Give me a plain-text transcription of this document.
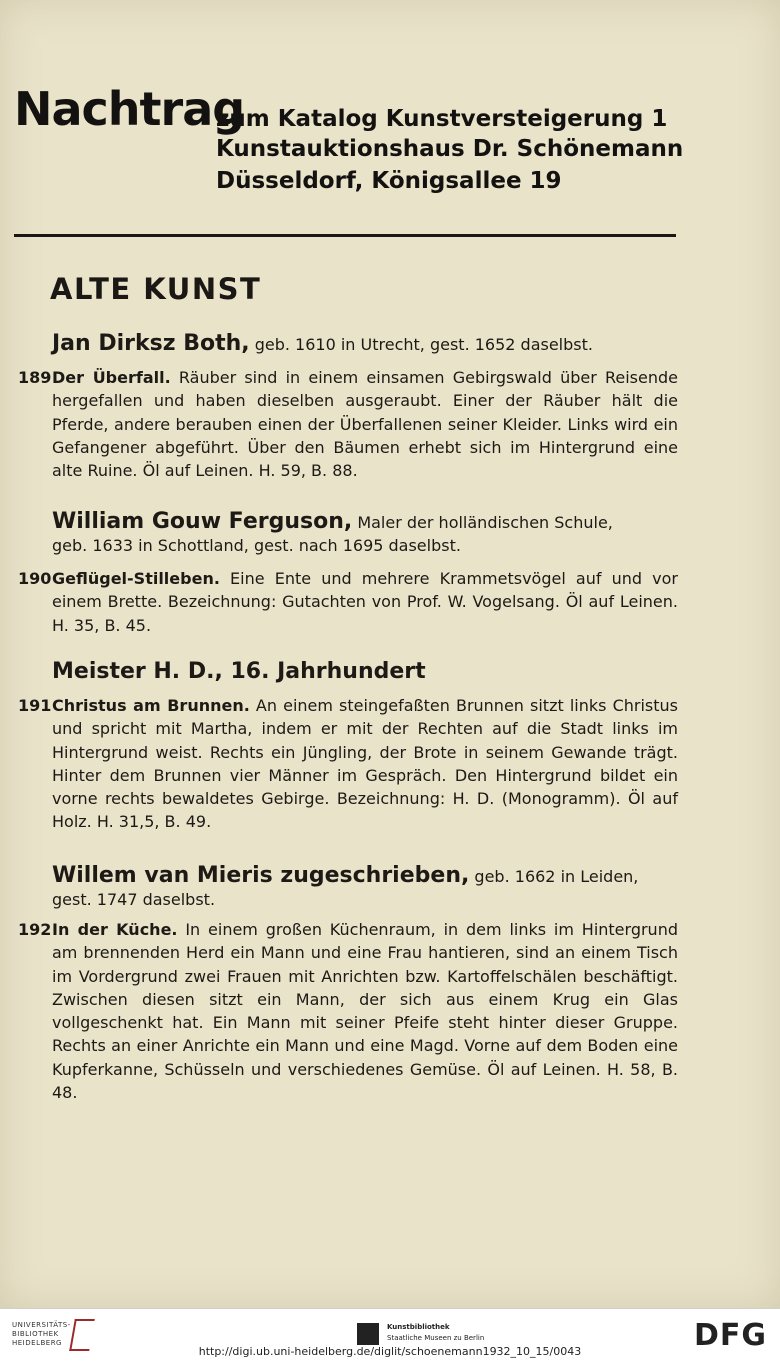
Nachtrag
zum Katalog Kunstversteigerung 1
Kunstauktionshaus Dr. Schönemann
Düsseldorf, Königsallee 19
ALTE KUNST
Jan Dirksz Both, geb. 1610 in Utrecht, gest. 1652 daselbst.
189 Der Überfall. Räuber sind in einem einsamen Gebirgswald über Reisende hergefallen und haben dieselben ausgeraubt. Einer der Räuber hält die Pferde, andere berauben einen der Überfallenen seiner Kleider. Links wird ein Gefangener abgeführt. Über den Bäumen erhebt sich im Hintergrund eine alte Ruine. Öl auf Leinen. H. 59, B. 88.
William Gouw Ferguson, Maler der holländischen Schule, geb. 1633 in Schottland, gest. nach 1695 daselbst.
190 Geflügel-Stilleben. Eine Ente und mehrere Krammetsvögel auf und vor einem Brette. Bezeichnung: Gutachten von Prof. W. Vogelsang. Öl auf Leinen. H. 35, B. 45.
Meister H. D., 16. Jahrhundert
191 Christus am Brunnen. An einem steingefaßten Brunnen sitzt links Christus und spricht mit Martha, indem er mit der Rechten auf die Stadt links im Hintergrund weist. Rechts ein Jüngling, der Brote in seinem Gewande trägt. Hinter dem Brunnen vier Männer im Gespräch. Den Hintergrund bildet ein vorne rechts bewaldetes Gebirge. Bezeichnung: H. D. (Monogramm). Öl auf Holz. H. 31,5, B. 49.
Willem van Mieris zugeschrieben, geb. 1662 in Leiden, gest. 1747 daselbst.
192 In der Küche. In einem großen Küchenraum, in dem links im Hintergrund am brennenden Herd ein Mann und eine Frau hantieren, sind an einem Tisch im Vordergrund zwei Frauen mit Anrichten bzw. Kartoffelschälen beschäftigt. Zwischen diesen sitzt ein Mann, der sich aus einem Krug ein Glas vollgeschenkt hat. Ein Mann mit seiner Pfeife steht hinter dieser Gruppe. Rechts an einer Anrichte ein Mann und eine Magd. Vorne auf dem Boden eine Kupferkanne, Schüsseln und verschiedenes Gemüse. Öl auf Leinen. H. 58, B. 48.
UNIVERSITÄTS-
BIBLIOTHEK
HEIDELBERG
Kunstbibliothek
Staatliche Museen zu Berlin	DFG
http://digi.ub.uni-heidelberg.de/diglit/schoenemann1932_10_15/0043
